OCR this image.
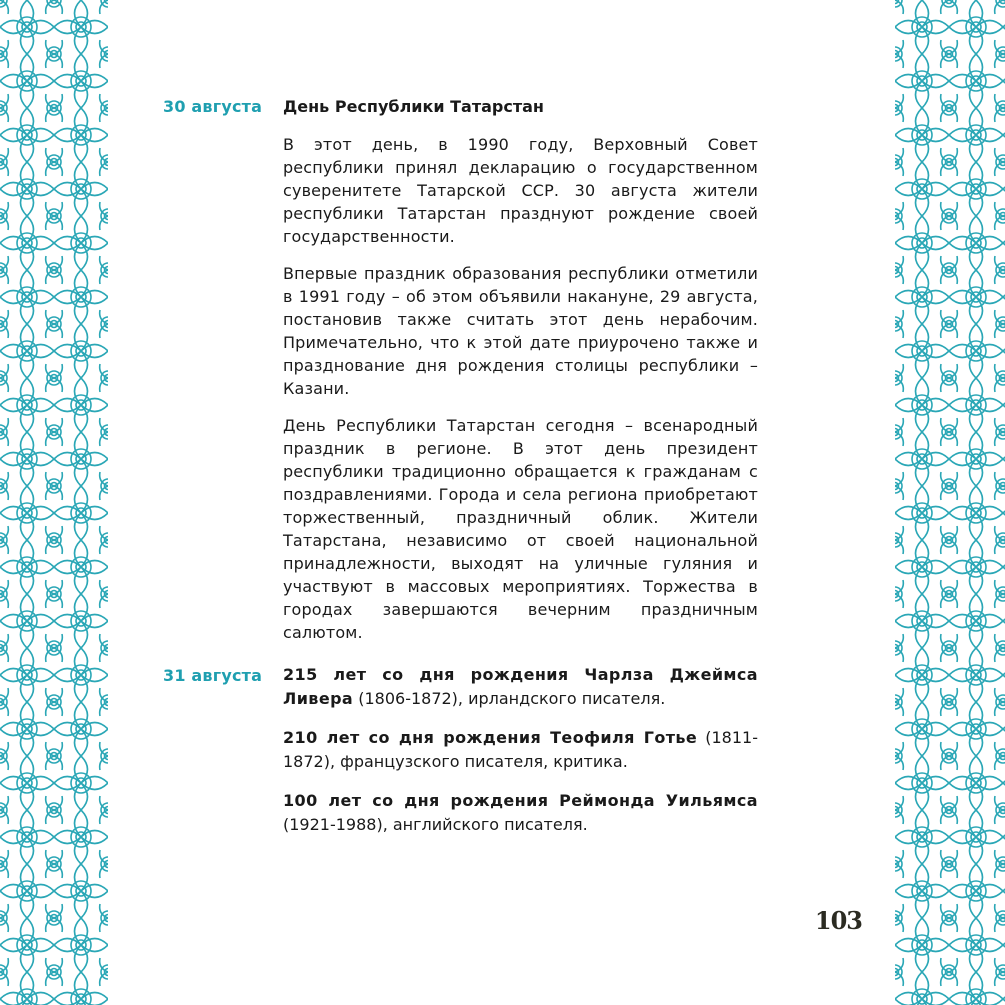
30 августа	День Республики Татарстан

В этот день, в 1990 году, Верховный Совет республики принял декларацию о государственном суверенитете Татарской ССР. 30 августа жители республики Татарстан празднуют рождение своей государственности.

Впервые праздник образования республики отметили в 1991 году – об этом объявили накануне, 29 августа, постановив также считать этот день нерабочим. Примечательно, что к этой дате приурочено также и празднование дня рождения столицы республики – Казани.

День Республики Татарстан сегодня – всенародный праздник в регионе. В этот день президент республики традиционно обращается к гражданам с поздравлениями. Города и села региона приобретают торжественный, праздничный облик. Жители Татарстана, независимо от своей национальной принадлежности, выходят на уличные гуляния и участвуют в массовых мероприятиях. Торжества в городах завершаются вечерним праздничным салютом.

31 августа	215 лет со дня рождения Чарлза Джеймса Ливера (1806-1872), ирландского писателя.

210 лет со дня рождения Теофиля Готье (1811-1872), французского писателя, критика.

100 лет со дня рождения Реймонда Уильямса (1921-1988), английского писателя.

103
